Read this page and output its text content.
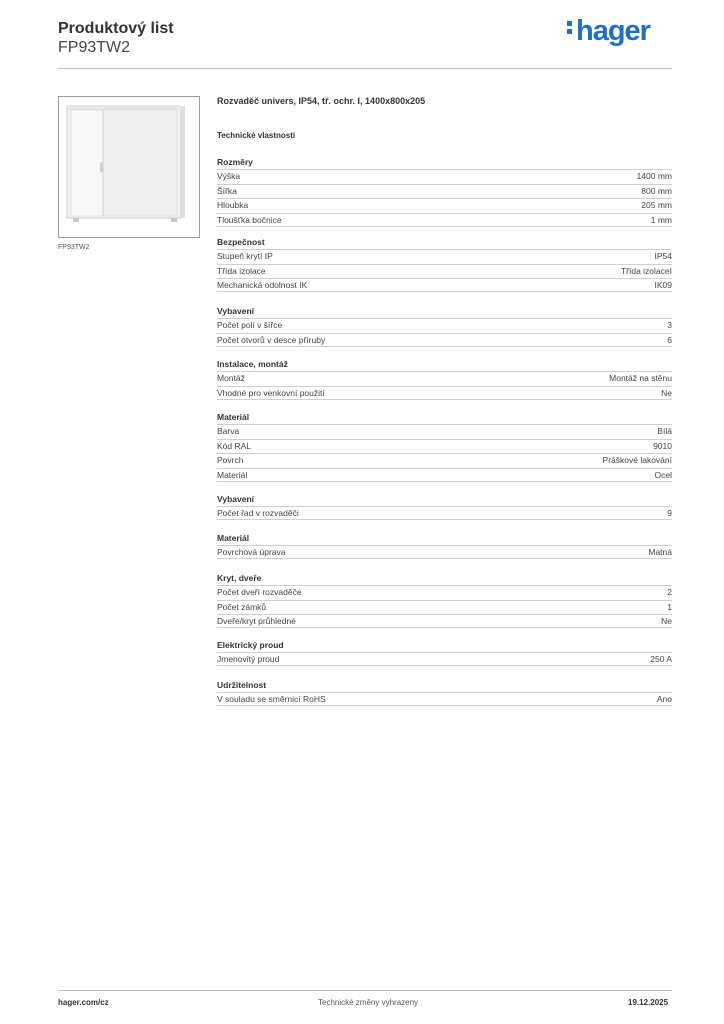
Produktový list
FP93TW2
hager
FP93TW2
Rozvaděč univers, IP54, tř. ochr. I, 1400x800x205
Technické vlastnosti
Rozměry
Výška	1400 mm
Šířka	800 mm
Hloubka	205 mm
Tloušťka bočnice	1 mm
Bezpečnost
Stupeň krytí IP	IP54
Třída izolace	Třída izolaceI
Mechanická odolnost IK	IK09
Vybavení
Počet polí v šířce	3
Počet otvorů v desce příruby	6
Instalace, montáž
Montáž	Montáž na stěnu
Vhodné pro venkovní použití	Ne
Materiál
Barva	Bílá
Kód RAL	9010
Povrch	Práškové lakování
Materiál	Ocel
Vybavení
Počet řad v rozvaděči	9
Materiál
Povrchová úprava	Matná
Kryt, dveře
Počet dveří rozvaděče	2
Počet zámků	1
Dveře/kryt průhledné	Ne
Elektrický proud
Jmenovitý proud	250 A
Udržitelnost
V souladu se směrnicí RoHS	Ano
hager.com/cz	Technické změny vyhrazeny	19.12.2025
